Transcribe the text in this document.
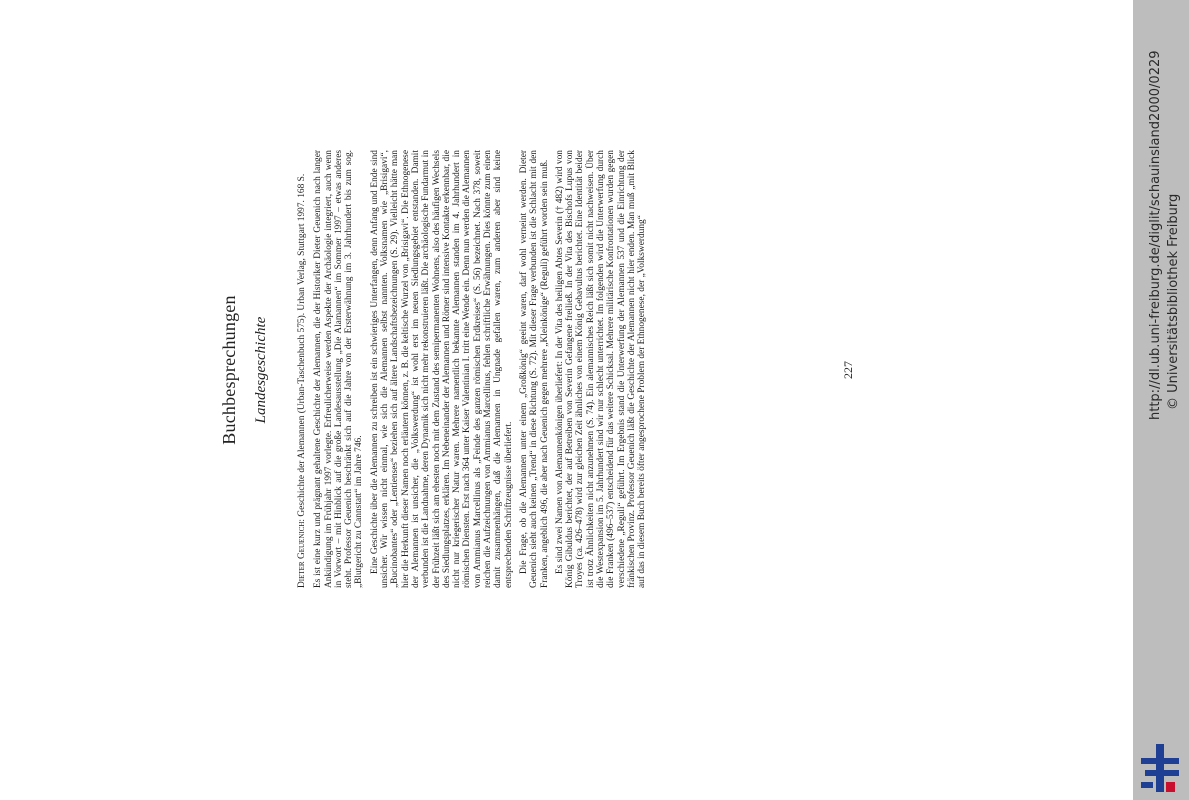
Buchbesprechungen Landesgeschichte

Dieter Geuenich: Geschichte der Alemannen (Urban-Taschenbuch 575). Urban Verlag, Stuttgart 1997. 168 S. Es ist eine kurz und prägnant gehaltene Geschichte der Alemannen, die der Historiker Dieter Geuenich nach langer Ankündigung im Frühjahr 1997 vorlegte. Erfreulicherweise werden Aspekte der Archäologie integriert, auch wenn in Vorwort – mit Hinblick auf die große Landesausstellung „Die Alamannen“ im Sommer 1997 – etwas anderes steht. Professor Geuenich beschränkt sich auf die Jahre von der Ersterwähnung im 3. Jahrhundert bis zum sog. „Blutgericht zu Cannstatt“ im Jahre 746. Eine Geschichte über die Alemannen zu schreiben ist ein schwieriges Unterfangen, denn Anfang und Ende sind unsicher. Wir wissen nicht einmal, wie sich die Alemannen selbst nannten. Volksnamen wie „Brisigavi“, „Bucinobantes“ oder „Lentienses“ beziehen sich auf ältere Landschaftsbezeichnungen (S. 29). Vielleicht hätte man hier die Herkunft dieser Namen noch erläutern können, z. B. die keltische Wurzel von „Brisigavi“. Die Ethnogenese der Alemannen ist unsicher, die „Volkswerdung“ ist wohl erst im neuen Siedlungsgebiet entstanden. Damit verbunden ist die Landnahme, deren Dynamik sich nicht mehr rekonstruieren läßt. Die archäologische Fundarmut in der Frühzeit läßt sich am ehesten noch mit dem Zustand des semipermanenten Wohnens, also des häufigen Wechsels des Siedlungsplatzes, erklären. Im Nebeneinander der Alemannen und Römer sind intensive Kontakte erkennbar, die nicht nur kriegerischer Natur waren. Mehrere namentlich bekannte Alemannen standen im 4. Jahrhundert in römischen Diensten. Erst nach 364 unter Kaiser Valentinian I. tritt eine Wende ein. Denn nun werden die Alemannen von Ammianus Marcellinus als „Feinde des ganzen römischen Erdkreises“ (S. 56) bezeichnet. Nach 378, soweit reichen die Aufzeichnungen von Ammianus Marcellinus, fehlen schriftliche Erwähnungen. Dies könnte zum einen damit zusammenhängen, daß die Alemannen in Ungnade gefallen waren, zum anderen aber sind keine entsprechenden Schriftzeugnisse überliefert. Die Frage, ob die Alemannen unter einem „Großkönig“ geeint waren, darf wohl verneint werden. Dieter Geuenich sieht auch keinen „Trend“ in diese Richtung (S. 72). Mit dieser Frage verbunden ist die Schlacht mit den Franken, angeblich 496, die aber nach Geuenich gegen mehrere „Kleinkönige“ (Reguli) geführt worden sein muß. Es sind zwei Namen von Alemannenkönigen überliefert: In der Vita des heiligen Abtes Severin († 482) wird von König Gibuldus berichtet, der auf Betreiben von Severin Gefangene freiließ. In der Vita des Bischofs Lupus von Troyes (ca. 426–478) wird zur gleichen Zeit ähnliches von einem König Gebavultus berichtet. Eine Identität beider ist trotz Ähnlichkeiten nicht anzunehmen (S. 74). Ein alemannisches Reich läßt sich somit nicht nachweisen. Über die Westexpansion im 5. Jahrhundert sind wir nur schlecht unterrichtet. Im folgenden wird die Unterwerfung durch die Franken (496–537) entscheidend für das weitere Schicksal. Mehrere militärische Konfrontationen wurden gegen verschiedene „Reguli“ geführt. Im Ergebnis stand die Unterwerfung der Alemannen 537 und die Einrichtung der fränkischen Provinz. Professor Geuenich läßt die Geschichte der Alemannen nicht hier enden. Man muß „mit Blick auf das in diesem Buch bereits öfter angesprochene Problem der Ethnogenese, der „Volkswerdung“	227	http://dl.ub.uni-freiburg.de/diglit/schauinsland2000/0229 © Universitätsbibliothek Freiburg
